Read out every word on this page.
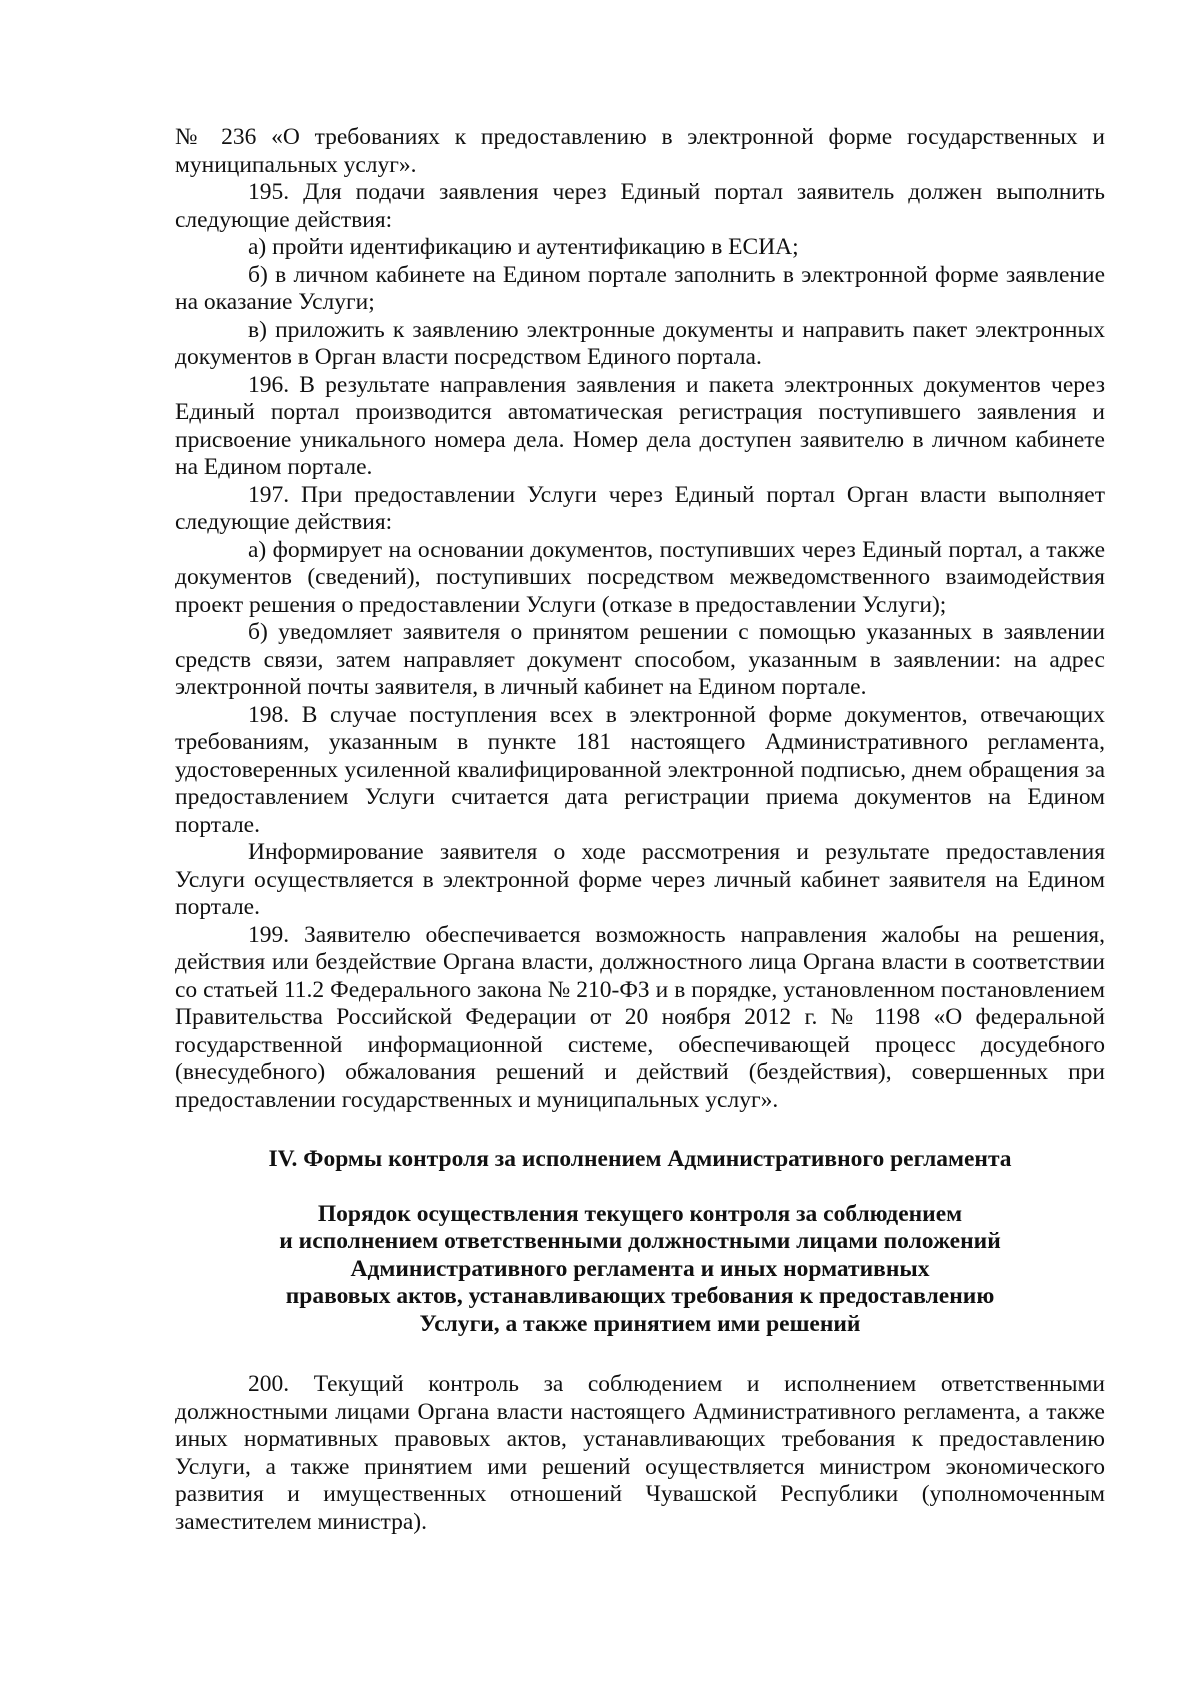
№ 236 «О требованиях к предоставлению в электронной форме государственных и муниципальных услуг».

195. Для подачи заявления через Единый портал заявитель должен выполнить следующие действия:

а) пройти идентификацию и аутентификацию в ЕСИА;

б) в личном кабинете на Едином портале заполнить в электронной форме заявление на оказание Услуги;

в) приложить к заявлению электронные документы и направить пакет электронных документов в Орган власти посредством Единого портала.

196. В результате направления заявления и пакета электронных документов через Единый портал производится автоматическая регистрация поступившего заявления и присвоение уникального номера дела. Номер дела доступен заявителю в личном кабинете на Едином портале.

197. При предоставлении Услуги через Единый портал Орган власти выполняет следующие действия:

а) формирует на основании документов, поступивших через Единый портал, а также документов (сведений), поступивших посредством межведомственного взаимодействия проект решения о предоставлении Услуги (отказе в предоставлении Услуги);

б) уведомляет заявителя о принятом решении с помощью указанных в заявлении средств связи, затем направляет документ способом, указанным в заявлении: на адрес электронной почты заявителя, в личный кабинет на Едином портале.

198. В случае поступления всех в электронной форме документов, отвечающих требованиям, указанным в пункте 181 настоящего Административного регламента, удостоверенных усиленной квалифицированной электронной подписью, днем обращения за предоставлением Услуги считается дата регистрации приема документов на Едином портале.

Информирование заявителя о ходе рассмотрения и результате предоставления Услуги осуществляется в электронной форме через личный кабинет заявителя на Едином портале.

199. Заявителю обеспечивается возможность направления жалобы на решения, действия или бездействие Органа власти, должностного лица Органа власти в соответствии со статьей 11.2 Федерального закона № 210-ФЗ и в порядке, установленном постановлением Правительства Российской Федерации от 20 ноября 2012 г. № 1198 «О федеральной государственной информационной системе, обеспечивающей процесс досудебного (внесудебного) обжалования решений и действий (бездействия), совершенных при предоставлении государственных и муниципальных услуг».

IV. Формы контроля за исполнением Административного регламента

Порядок осуществления текущего контроля за соблюдением
и исполнением ответственными должностными лицами положений
Административного регламента и иных нормативных
правовых актов, устанавливающих требования к предоставлению
Услуги, а также принятием ими решений

200. Текущий контроль за соблюдением и исполнением ответственными должностными лицами Органа власти настоящего Административного регламента, а также иных нормативных правовых актов, устанавливающих требования к предоставлению Услуги, а также принятием ими решений осуществляется министром экономического развития и имущественных отношений Чувашской Республики (уполномоченным заместителем министра).
